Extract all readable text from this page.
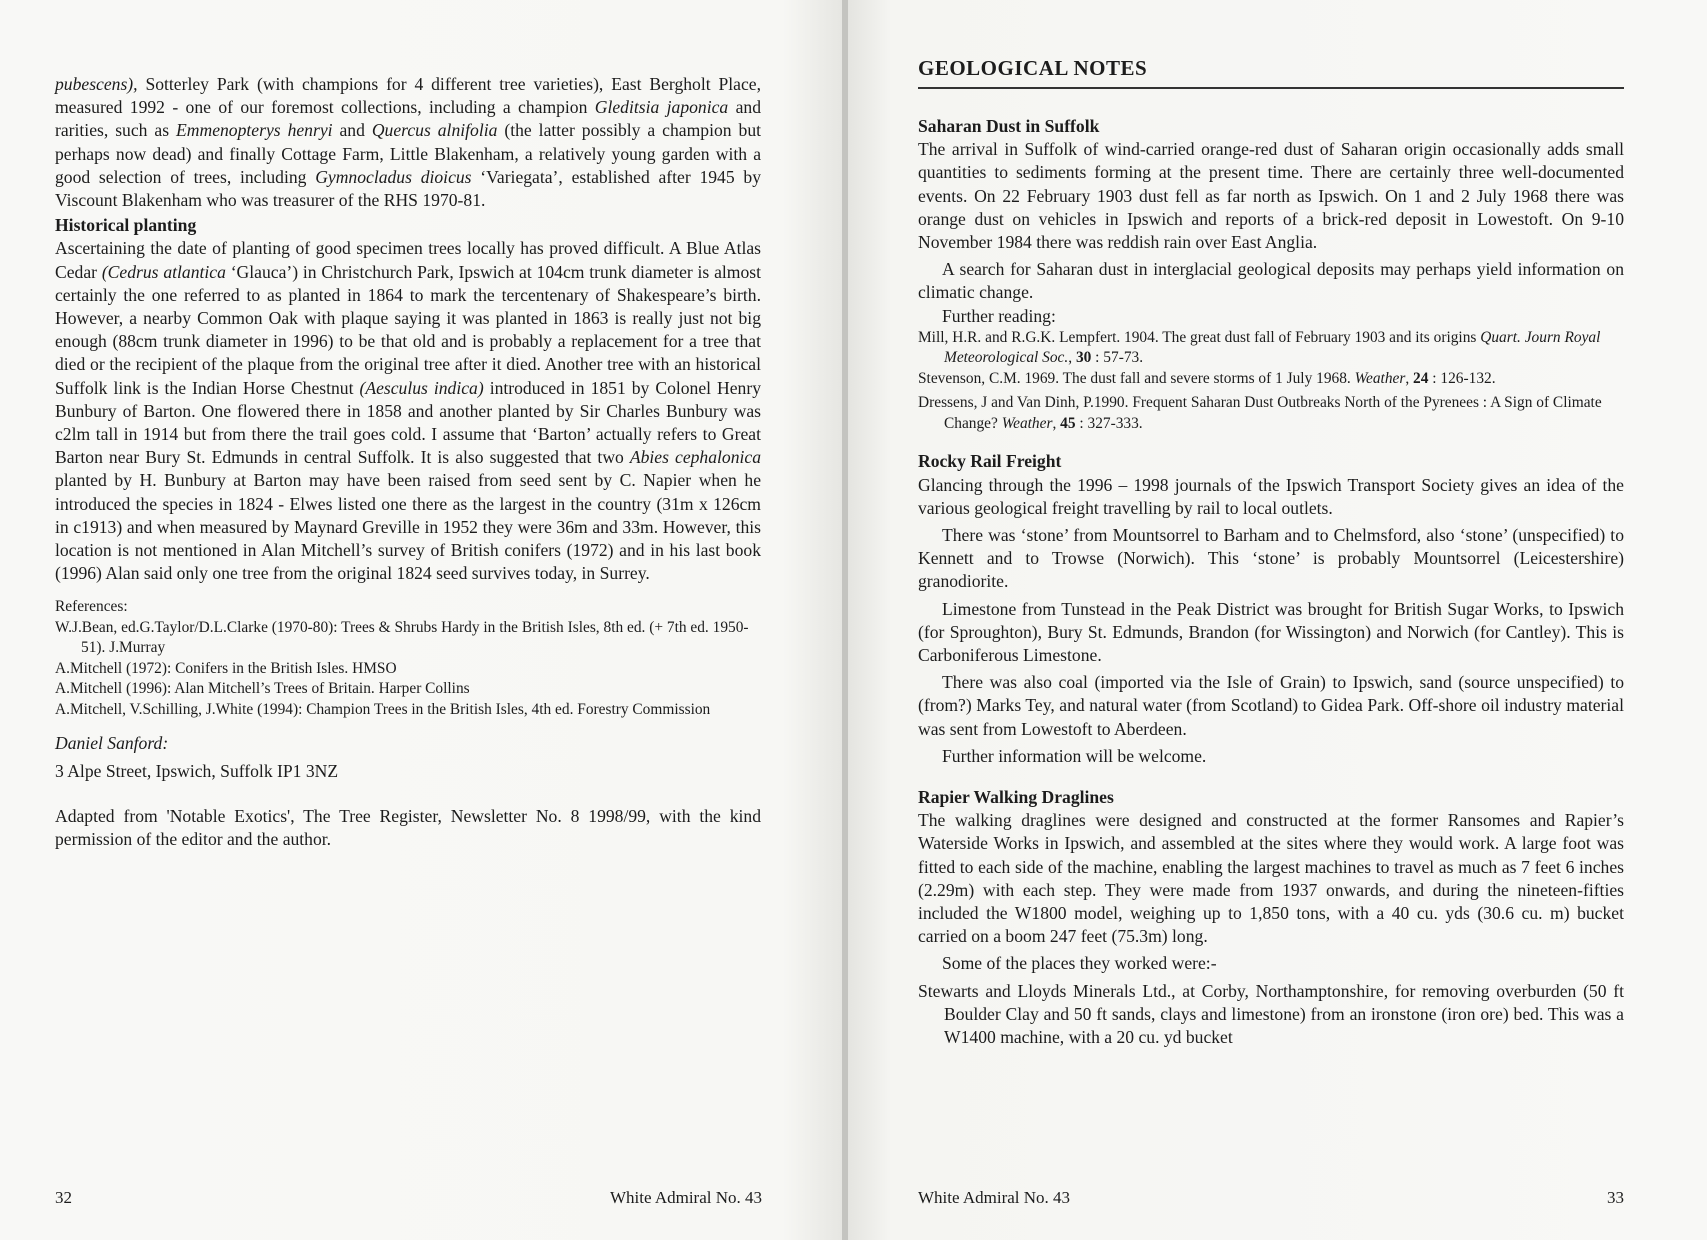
pubescens), Sotterley Park (with champions for 4 different tree varieties), East Bergholt Place, measured 1992 - one of our foremost collections, including a champion Gleditsia japonica and rarities, such as Emmenopterys henryi and Quercus alnifolia (the latter possibly a champion but perhaps now dead) and finally Cottage Farm, Little Blakenham, a relatively young garden with a good selection of trees, including Gymnocladus dioicus ‘Variegata’, established after 1945 by Viscount Blakenham who was treasurer of the RHS 1970-81.

Historical planting

Ascertaining the date of planting of good specimen trees locally has proved difficult. A Blue Atlas Cedar (Cedrus atlantica ‘Glauca’) in Christchurch Park, Ipswich at 104cm trunk diameter is almost certainly the one referred to as planted in 1864 to mark the tercentenary of Shakespeare’s birth. However, a nearby Common Oak with plaque saying it was planted in 1863 is really just not big enough (88cm trunk diameter in 1996) to be that old and is probably a replacement for a tree that died or the recipient of the plaque from the original tree after it died. Another tree with an historical Suffolk link is the Indian Horse Chestnut (Aesculus indica) introduced in 1851 by Colonel Henry Bunbury of Barton. One flowered there in 1858 and another planted by Sir Charles Bunbury was c2lm tall in 1914 but from there the trail goes cold. I assume that ‘Barton’ actually refers to Great Barton near Bury St. Edmunds in central Suffolk. It is also suggested that two Abies cephalonica planted by H. Bunbury at Barton may have been raised from seed sent by C. Napier when he introduced the species in 1824 - Elwes listed one there as the largest in the country (31m x 126cm in c1913) and when measured by Maynard Greville in 1952 they were 36m and 33m. However, this location is not mentioned in Alan Mitchell’s survey of British conifers (1972) and in his last book (1996) Alan said only one tree from the original 1824 seed survives today, in Surrey.

References:

W.J.Bean, ed.G.Taylor/D.L.Clarke (1970-80): Trees & Shrubs Hardy in the British Isles, 8th ed. (+ 7th ed. 1950-51). J.Murray

A.Mitchell (1972): Conifers in the British Isles. HMSO

A.Mitchell (1996): Alan Mitchell’s Trees of Britain. Harper Collins

A.Mitchell, V.Schilling, J.White (1994): Champion Trees in the British Isles, 4th ed. Forestry Commission

Daniel Sanford:

3 Alpe Street, Ipswich, Suffolk IP1 3NZ

Adapted from 'Notable Exotics', The Tree Register, Newsletter No. 8 1998/99, with the kind permission of the editor and the author.

32	White Admiral No. 43
GEOLOGICAL NOTES

Saharan Dust in Suffolk

The arrival in Suffolk of wind-carried orange-red dust of Saharan origin occasionally adds small quantities to sediments forming at the present time. There are certainly three well-documented events. On 22 February 1903 dust fell as far north as Ipswich. On 1 and 2 July 1968 there was orange dust on vehicles in Ipswich and reports of a brick-red deposit in Lowestoft. On 9-10 November 1984 there was reddish rain over East Anglia.

A search for Saharan dust in interglacial geological deposits may perhaps yield information on climatic change.

Further reading:

Mill, H.R. and R.G.K. Lempfert. 1904. The great dust fall of February 1903 and its origins Quart. Journ Royal Meteorological Soc., 30 : 57-73.

Stevenson, C.M. 1969. The dust fall and severe storms of 1 July 1968. Weather, 24 : 126-132.

Dressens, J and Van Dinh, P.1990. Frequent Saharan Dust Outbreaks North of the Pyrenees : A Sign of Climate Change? Weather, 45 : 327-333.

Rocky Rail Freight

Glancing through the 1996 – 1998 journals of the Ipswich Transport Society gives an idea of the various geological freight travelling by rail to local outlets.

There was ‘stone’ from Mountsorrel to Barham and to Chelmsford, also ‘stone’ (unspecified) to Kennett and to Trowse (Norwich). This ‘stone’ is probably Mountsorrel (Leicestershire) granodiorite.

Limestone from Tunstead in the Peak District was brought for British Sugar Works, to Ipswich (for Sproughton), Bury St. Edmunds, Brandon (for Wissington) and Norwich (for Cantley). This is Carboniferous Limestone.

There was also coal (imported via the Isle of Grain) to Ipswich, sand (source unspecified) to (from?) Marks Tey, and natural water (from Scotland) to Gidea Park. Off-shore oil industry material was sent from Lowestoft to Aberdeen.

Further information will be welcome.

Rapier Walking Draglines

The walking draglines were designed and constructed at the former Ransomes and Rapier’s Waterside Works in Ipswich, and assembled at the sites where they would work. A large foot was fitted to each side of the machine, enabling the largest machines to travel as much as 7 feet 6 inches (2.29m) with each step. They were made from 1937 onwards, and during the nineteen-fifties included the W1800 model, weighing up to 1,850 tons, with a 40 cu. yds (30.6 cu. m) bucket carried on a boom 247 feet (75.3m) long.

Some of the places they worked were:-

Stewarts and Lloyds Minerals Ltd., at Corby, Northamptonshire, for removing overburden (50 ft Boulder Clay and 50 ft sands, clays and limestone) from an ironstone (iron ore) bed. This was a W1400 machine, with a 20 cu. yd bucket

White Admiral No. 43	33
